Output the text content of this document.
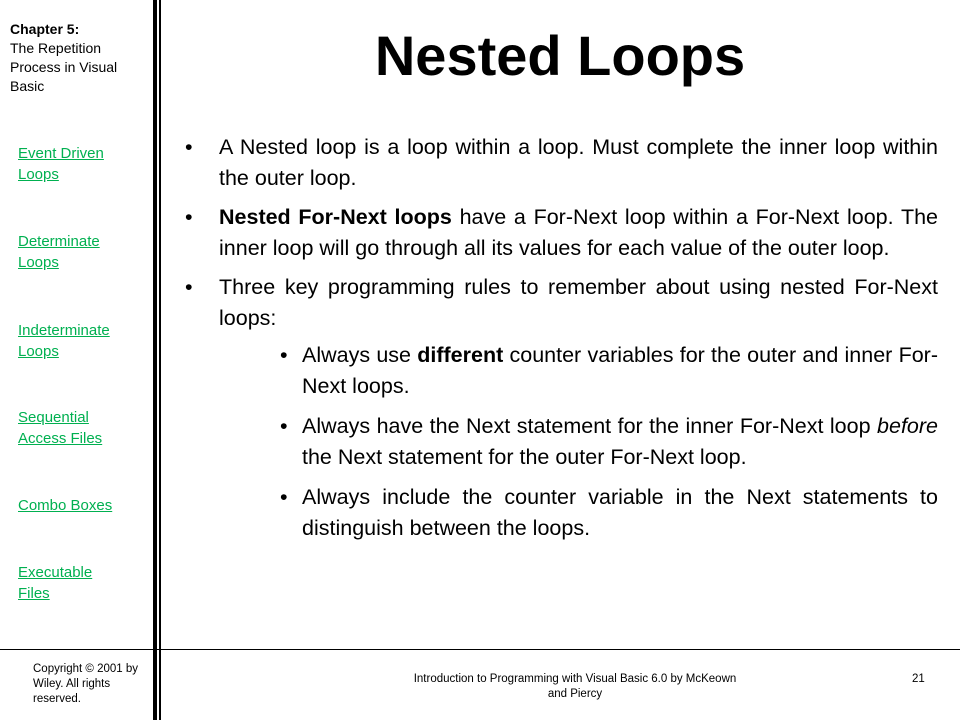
Chapter 5:
The Repetition Process in Visual Basic
Event Driven
Loops
Determinate
Loops
Indeterminate
Loops
Sequential
Access Files
Combo Boxes
Executable
Files
Nested Loops
• A Nested loop is a loop within a loop. Must complete the inner loop within the outer loop.
• Nested For-Next loops have a For-Next loop within a For-Next loop. The inner loop will go through all its values for each value of the outer loop.
• Three key programming rules to remember about using nested For-Next loops:
• Always use different counter variables for the outer and inner For-Next loops.
• Always have the Next statement for the inner For-Next loop before the Next statement for the outer For-Next loop.
• Always include the counter variable in the Next statements to distinguish between the loops.
Copyright © 2001 by Wiley. All rights reserved.
Introduction to Programming with Visual Basic 6.0 by McKeown and Piercy
21
